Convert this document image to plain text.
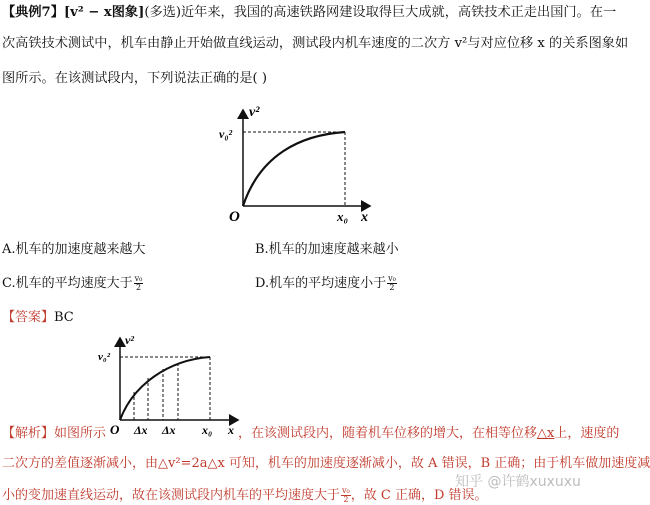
【典例7】[v² − x图象](多选)近年来，我国的高速铁路网建设取得巨大成就，高铁技术正走出国门。在一
次高铁技术测试中，机车由静止开始做直线运动，测试段内机车速度的二次方 v²与对应位移 x 的关系图象如
图所示。在该测试段内，下列说法正确的是( )
v²
v₀²
O	x₀ x
A.机车的加速度越来越大	B.机车的加速度越来越小
C.机车的平均速度大于 $\frac{\text{v₀}}{2}$	D.机车的平均速度小于 $\frac{\text{v₀}}{2}$
【答案】BC
v²
v₀²
O Δx Δx x₀ x
【解析】如图所示	，在该测试段内，随着机车位移的增大，在相等位移△x上，速度的
二次方的差值逐渐减小，由△v²=2a△x 可知，机车的加速度逐渐减小，故 A 错误，B 正确；由于机车做加速度减
小的变加速直线运动，故在该测试段内机车的平均速度大于 $\frac{\text{v₀}}{2}$ ，故 C 正确，D 错误。
知乎 @许鹤xuxuxu
